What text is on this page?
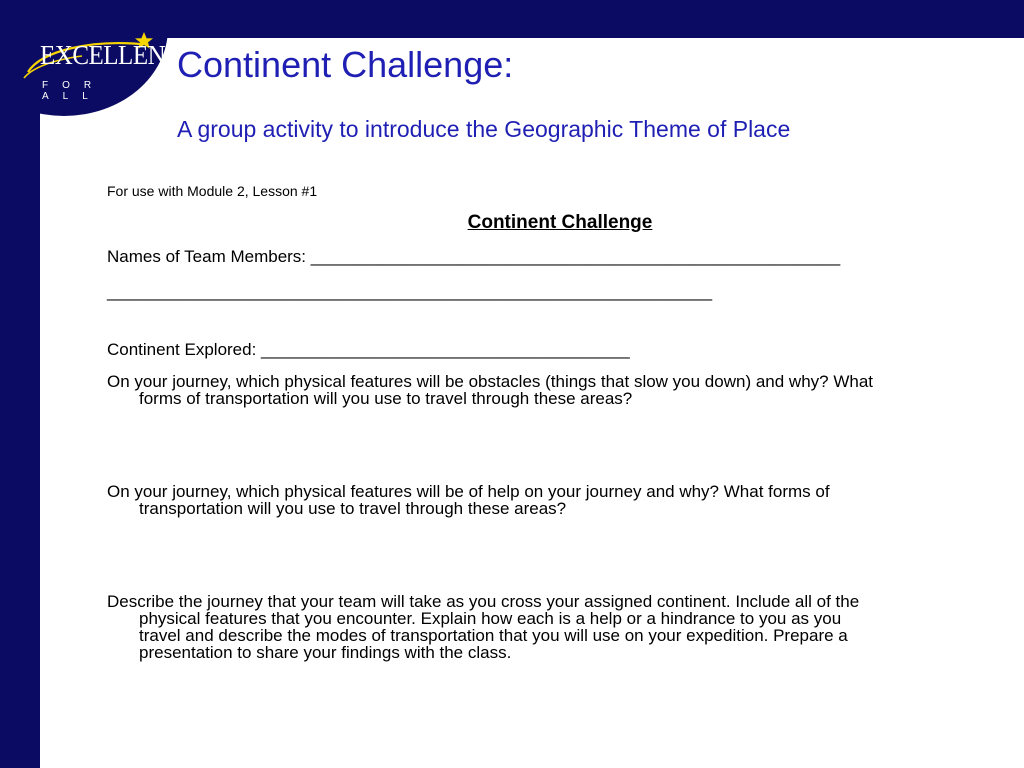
EXCELLENCE
FOR ALL
Continent Challenge:
A group activity to introduce the Geographic Theme of Place
For use with Module 2, Lesson #1
Continent Challenge
Names of Team Members: ________________________________________________________
________________________________________________________________
Continent Explored: _______________________________________
On your journey, which physical features will be obstacles (things that slow you down) and why? What
forms of transportation will you use to travel through these areas?
On your journey, which physical features will be of help on your journey and why? What forms of
transportation will you use to travel through these areas?
Describe the journey that your team will take as you cross your assigned continent. Include all of the
physical features that you encounter. Explain how each is a help or a hindrance to you as you
travel and describe the modes of transportation that you will use on your expedition. Prepare a
presentation to share your findings with the class.
